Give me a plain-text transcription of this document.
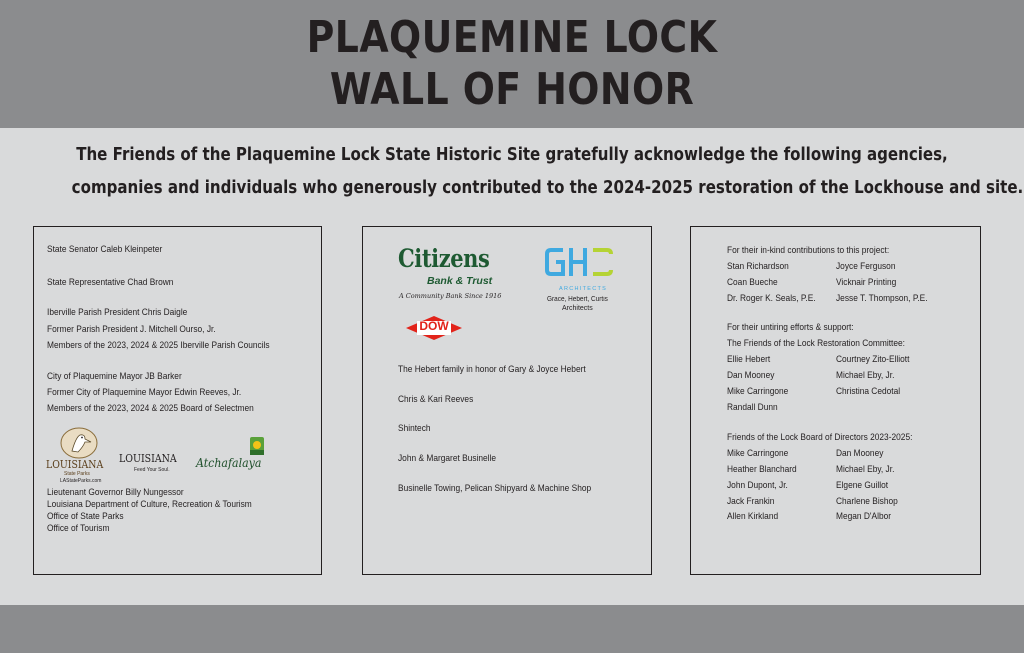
PLAQUEMINE LOCK
WALL OF HONOR
The Friends of the Plaquemine Lock State Historic Site gratefully acknowledge the following agencies,
companies and individuals who generously contributed to the 2024-2025 restoration of the Lockhouse and site.
State Senator Caleb Kleinpeter
State Representative Chad Brown
Iberville Parish President Chris Daigle
Former Parish President J. Mitchell Ourso, Jr.
Members of the 2023, 2024 & 2025 Iberville Parish Councils
City of Plaquemine Mayor JB Barker
Former City of Plaquemine Mayor Edwin Reeves, Jr.
Members of the 2023, 2024 & 2025 Board of Selectmen
LOUISIANA
State Parks
LAStateParks.com
LOUISIANA
Feed Your Soul. Atchafalaya
Lieutenant Governor Billy Nungessor
Louisiana Department of Culture, Recreation & Tourism
Office of State Parks
Office of Tourism
Citizens
Bank & Trust
A Community Bank Since 1916
ARCHITECTS
Grace, Hebert, Curtis
Architects
DOW
The Hebert family in honor of Gary & Joyce Hebert
Chris & Kari Reeves
Shintech
John & Margaret Businelle
Businelle Towing, Pelican Shipyard & Machine Shop
For their in-kind contributions to this project:
Stan Richardson
Coan Bueche
Dr. Roger K. Seals, P.E.
Joyce Ferguson
Vicknair Printing
Jesse T. Thompson, P.E.
For their untiring efforts & support:
The Friends of the Lock Restoration Committee:
Ellie Hebert
Dan Mooney
Mike Carringone
Randall Dunn
Courtney Zito-Elliott
Michael Eby, Jr.
Christina Cedotal
Friends of the Lock Board of Directors 2023-2025:
Mike Carringone
Heather Blanchard
John Dupont, Jr.
Jack Frankin
Allen Kirkland
Dan Mooney
Michael Eby, Jr.
Elgene Guillot
Charlene Bishop
Megan D'Albor
